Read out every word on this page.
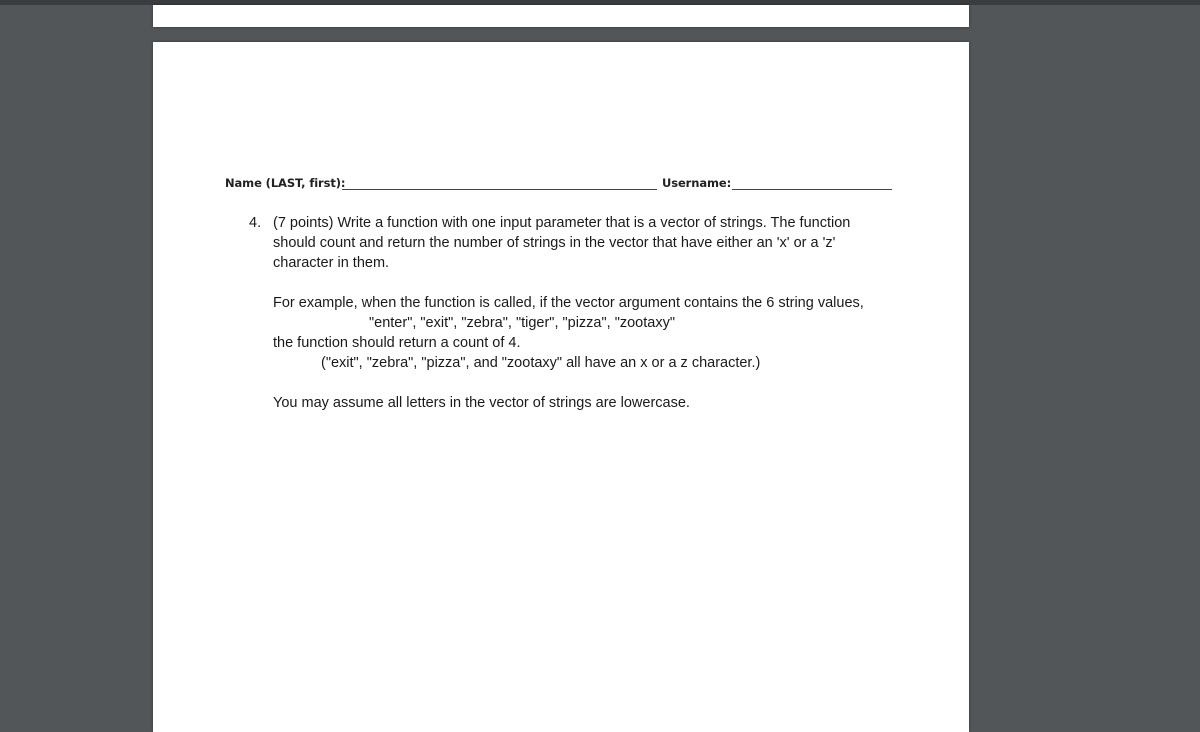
Name (LAST, first):	Username:
4. (7 points) Write a function with one input parameter that is a vector of strings. The function
should count and return the number of strings in the vector that have either an 'x' or a 'z'
character in them.
For example, when the function is called, if the vector argument contains the 6 string values,
"enter", "exit", "zebra", "tiger", "pizza", "zootaxy"
the function should return a count of 4.
("exit", "zebra", "pizza", and "zootaxy" all have an x or a z character.)
You may assume all letters in the vector of strings are lowercase.
